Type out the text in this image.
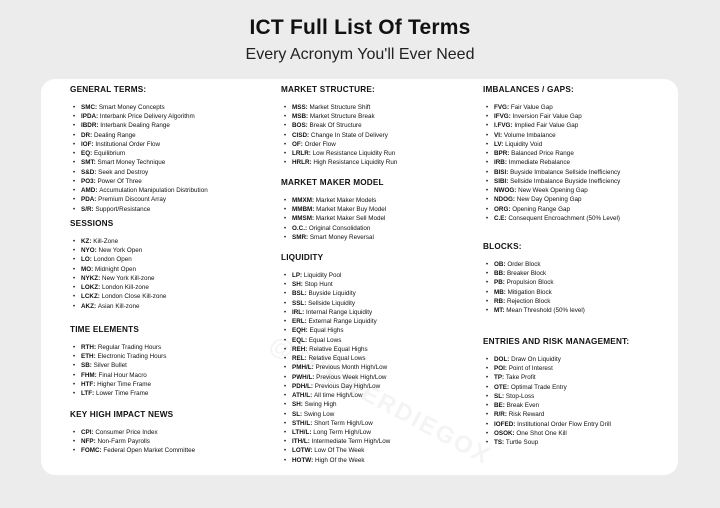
ICT Full List Of Terms
Every Acronym You'll Ever Need
GENERAL TERMS:
• SMC: Smart Money Concepts
• IPDA: Interbank Price Delivery Algorithm
• IBDR: Interbank Dealing Range
• DR: Dealing Range
• IOF: Institutional Order Flow
• EQ: Equilibrium
• SMT: Smart Money Technique
• S&D: Seek and Destroy
• PO3: Power Of Three
• AMD: Accumulation Manipulation Distribution
• PDA: Premium Discount Array
• S/R: Support/Resistance
SESSIONS
• KZ: Kill-Zone
• NYO: New York Open
• LO: London Open
• MO: Midnight Open
• NYKZ: New York Kill-zone
• LOKZ: London Kill-zone
• LCKZ: London Close Kill-zone
• AKZ: Asian Kill-zone
TIME ELEMENTS
• RTH: Regular Trading Hours
• ETH: Electronic Trading Hours
• SB: Silver Bullet
• FHM: Final Hour Macro
• HTF: Higher Time Frame
• LTF: Lower Time Frame
KEY HIGH IMPACT NEWS
• CPI: Consumer Price Index
• NFP: Non-Farm Payrolls
• FOMC: Federal Open Market Committee
MARKET STRUCTURE:
• MSS: Market Structure Shift
• MSB: Market Structure Break
• BOS: Break Of Structure
• CISD: Change In State of Delivery
• OF: Order Flow
• LRLR: Low Resistance Liquidity Run
• HRLR: High Resistance Liquidity Run
MARKET MAKER MODEL
• MMXM: Market Maker Models
• MMBM: Market Maker Buy Model
• MMSM: Market Maker Sell Model
• O.C.: Original Consolidation
• SMR: Smart Money Reversal
LIQUIDITY
• LP: Liquidity Pool
• SH: Stop Hunt
• BSL: Buyside Liquidity
• SSL: Sellside Liquidity
• IRL: Internal Range Liquidity
• ERL: External Range Liquidity
• EQH: Equal Highs
• EQL: Equal Lows
• REH: Relative Equal Highs
• REL: Relative Equal Lows
• PMH/L: Previous Month High/Low
• PWH/L: Previous Week High/Low
• PDH/L: Previous Day High/Low
• ATH/L: All time High/Low
• SH: Swing High
• SL: Swing Low
• STH/L: Short Term High/Low
• LTH/L: Long Term High/Low
• ITH/L: Intermediate Term High/Low
• LOTW: Low Of The Week
• HOTW: High Of the Week
IMBALANCES / GAPS:
• FVG: Fair Value Gap
• IFVG: Inversion Fair Value Gap
• I.FVG: Implied Fair Value Gap
• VI: Volume Imbalance
• LV: Liquidity Void
• BPR: Balanced Price Range
• IRB: Immediate Rebalance
• BISI: Buyside Imbalance Sellside Inefficiency
• SIBI: Sellside Imbalance Buyside Inefficiency
• NWOG: New Week Opening Gap
• NDOG: New Day Opening Gap
• ORG: Opening Range Gap
• C.E: Consequent Encroachment (50% Level)
BLOCKS:
• OB: Order Block
• BB: Breaker Block
• PB: Propulsion Block
• MB: Mitigation Block
• RB: Rejection Block
• MT: Mean Threshold (50% level)
ENTRIES AND RISK MANAGEMENT:
• DOL: Draw On Liquidity
• POI: Point of Interest
• TP: Take Profit
• OTE: Optimal Trade Entry
• SL: Stop-Loss
• BE: Break Even
• R/R: Risk Reward
• IOFED: Institutional Order Flow Entry Drill
• OSOK: One Shot One Kill
• TS: Turtle Soup
